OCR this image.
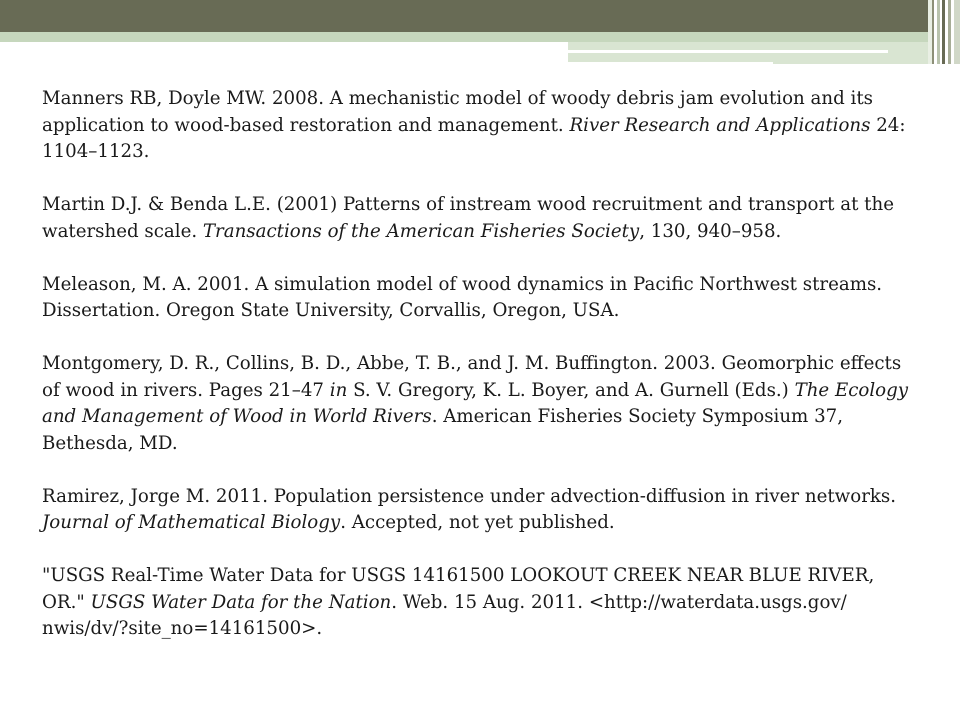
Manners RB, Doyle MW. 2008. A mechanistic model of woody debris jam evolution and its application to wood-based restoration and management. River Research and Applications 24: 1104–1123.

Martin D.J. & Benda L.E. (2001) Patterns of instream wood recruitment and transport at the watershed scale. Transactions of the American Fisheries Society, 130, 940–958.

Meleason, M. A. 2001. A simulation model of wood dynamics in Pacific Northwest streams. Dissertation. Oregon State University, Corvallis, Oregon, USA.

Montgomery, D. R., Collins, B. D., Abbe, T. B., and J. M. Buffington. 2003. Geomorphic effects of wood in rivers. Pages 21–47 in S. V. Gregory, K. L. Boyer, and A. Gurnell (Eds.) The Ecology and Management of Wood in World Rivers. American Fisheries Society Symposium 37, Bethesda, MD.

Ramirez, Jorge M. 2011. Population persistence under advection-diffusion in river networks. Journal of Mathematical Biology. Accepted, not yet published.

"USGS Real-Time Water Data for USGS 14161500 LOOKOUT CREEK NEAR BLUE RIVER, OR." USGS Water Data for the Nation. Web. 15 Aug. 2011. <http://waterdata.usgs.gov/ nwis/dv/?site_no=14161500>.
